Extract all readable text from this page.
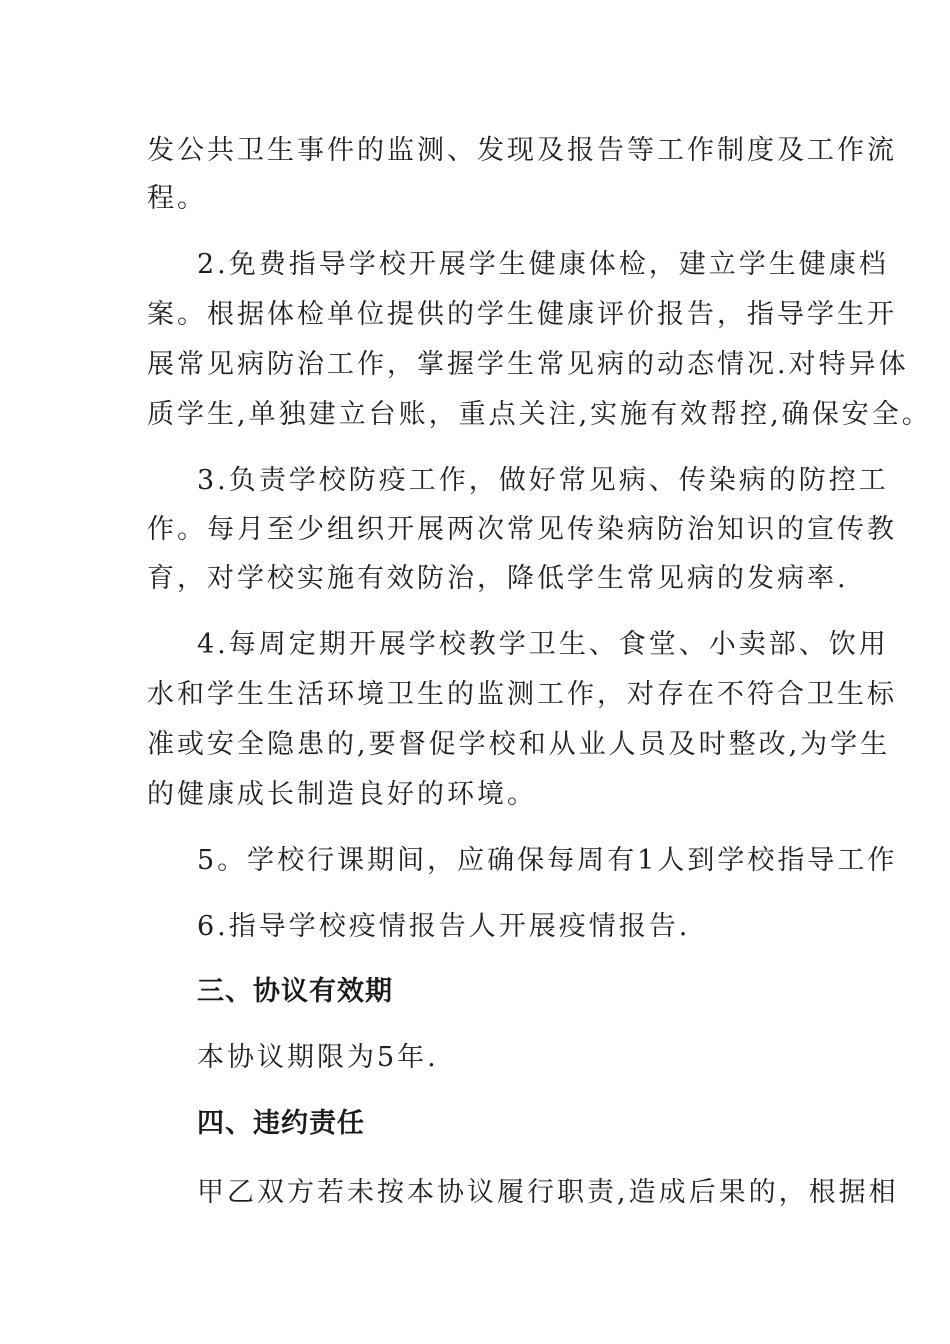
发公共卫生事件的监测、发现及报告等工作制度及工作流
程。
2.免费指导学校开展学生健康体检，建立学生健康档
案。根据体检单位提供的学生健康评价报告，指导学生开
展常见病防治工作，掌握学生常见病的动态情况.对特异体
质学生,单独建立台账，重点关注,实施有效帮控,确保安全。
3.负责学校防疫工作，做好常见病、传染病的防控工
作。每月至少组织开展两次常见传染病防治知识的宣传教
育，对学校实施有效防治，降低学生常见病的发病率.
4.每周定期开展学校教学卫生、食堂、小卖部、饮用
水和学生生活环境卫生的监测工作，对存在不符合卫生标
准或安全隐患的,要督促学校和从业人员及时整改,为学生
的健康成长制造良好的环境。
5。学校行课期间，应确保每周有1人到学校指导工作
6.指导学校疫情报告人开展疫情报告.
三、协议有效期
本协议期限为5年.
四、违约责任
甲乙双方若未按本协议履行职责,造成后果的，根据相
